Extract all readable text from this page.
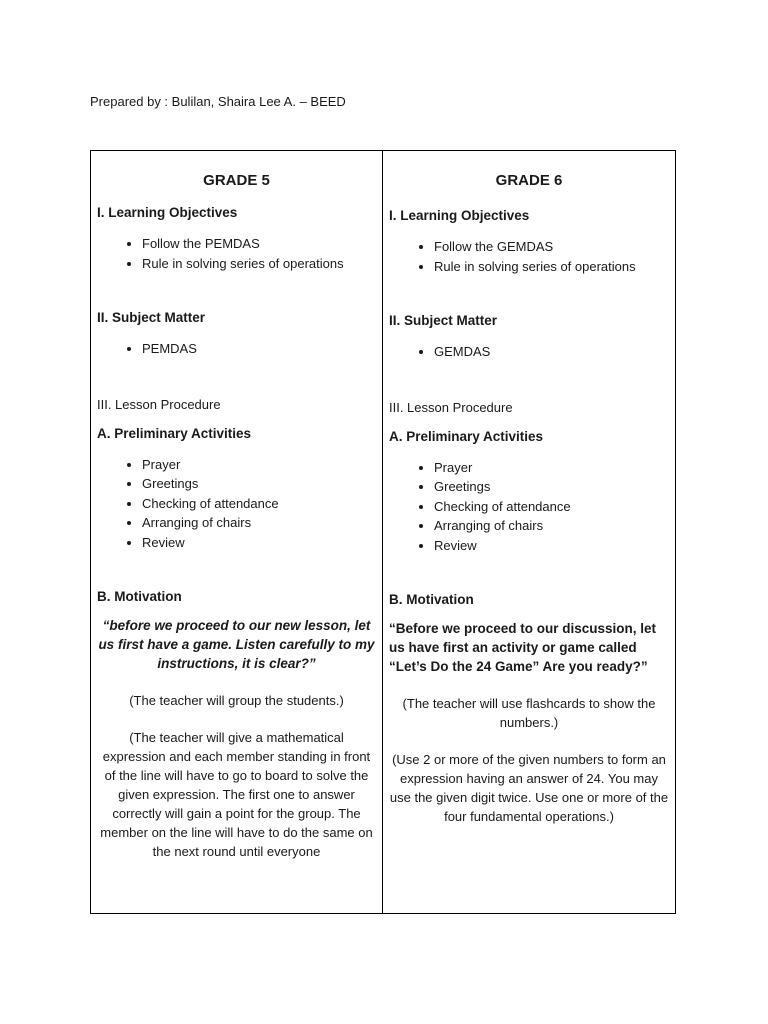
Prepared by : Bulilan, Shaira Lee A. – BEED
GRADE 5
I. Learning Objectives
• Follow the PEMDAS
• Rule in solving series of operations
II. Subject Matter
• PEMDAS
III. Lesson Procedure
A. Preliminary Activities
• Prayer
• Greetings
• Checking of attendance
• Arranging of chairs
• Review
B. Motivation
“before we proceed to our new lesson, let us first have a game. Listen carefully to my instructions, it is clear?”
(The teacher will group the students.)
(The teacher will give a mathematical expression and each member standing in front of the line will have to go to board to solve the given expression. The first one to answer correctly will gain a point for the group. The member on the line will have to do the same on the next round until everyone
GRADE 6
I. Learning Objectives
• Follow the GEMDAS
• Rule in solving series of operations
II. Subject Matter
• GEMDAS
III. Lesson Procedure
A. Preliminary Activities
• Prayer
• Greetings
• Checking of attendance
• Arranging of chairs
• Review
B. Motivation
“Before we proceed to our discussion, let us have first an activity or game called “Let’s Do the 24 Game” Are you ready?”
(The teacher will use flashcards to show the numbers.)
(Use 2 or more of the given numbers to form an expression having an answer of 24. You may use the given digit twice. Use one or more of the four fundamental operations.)
